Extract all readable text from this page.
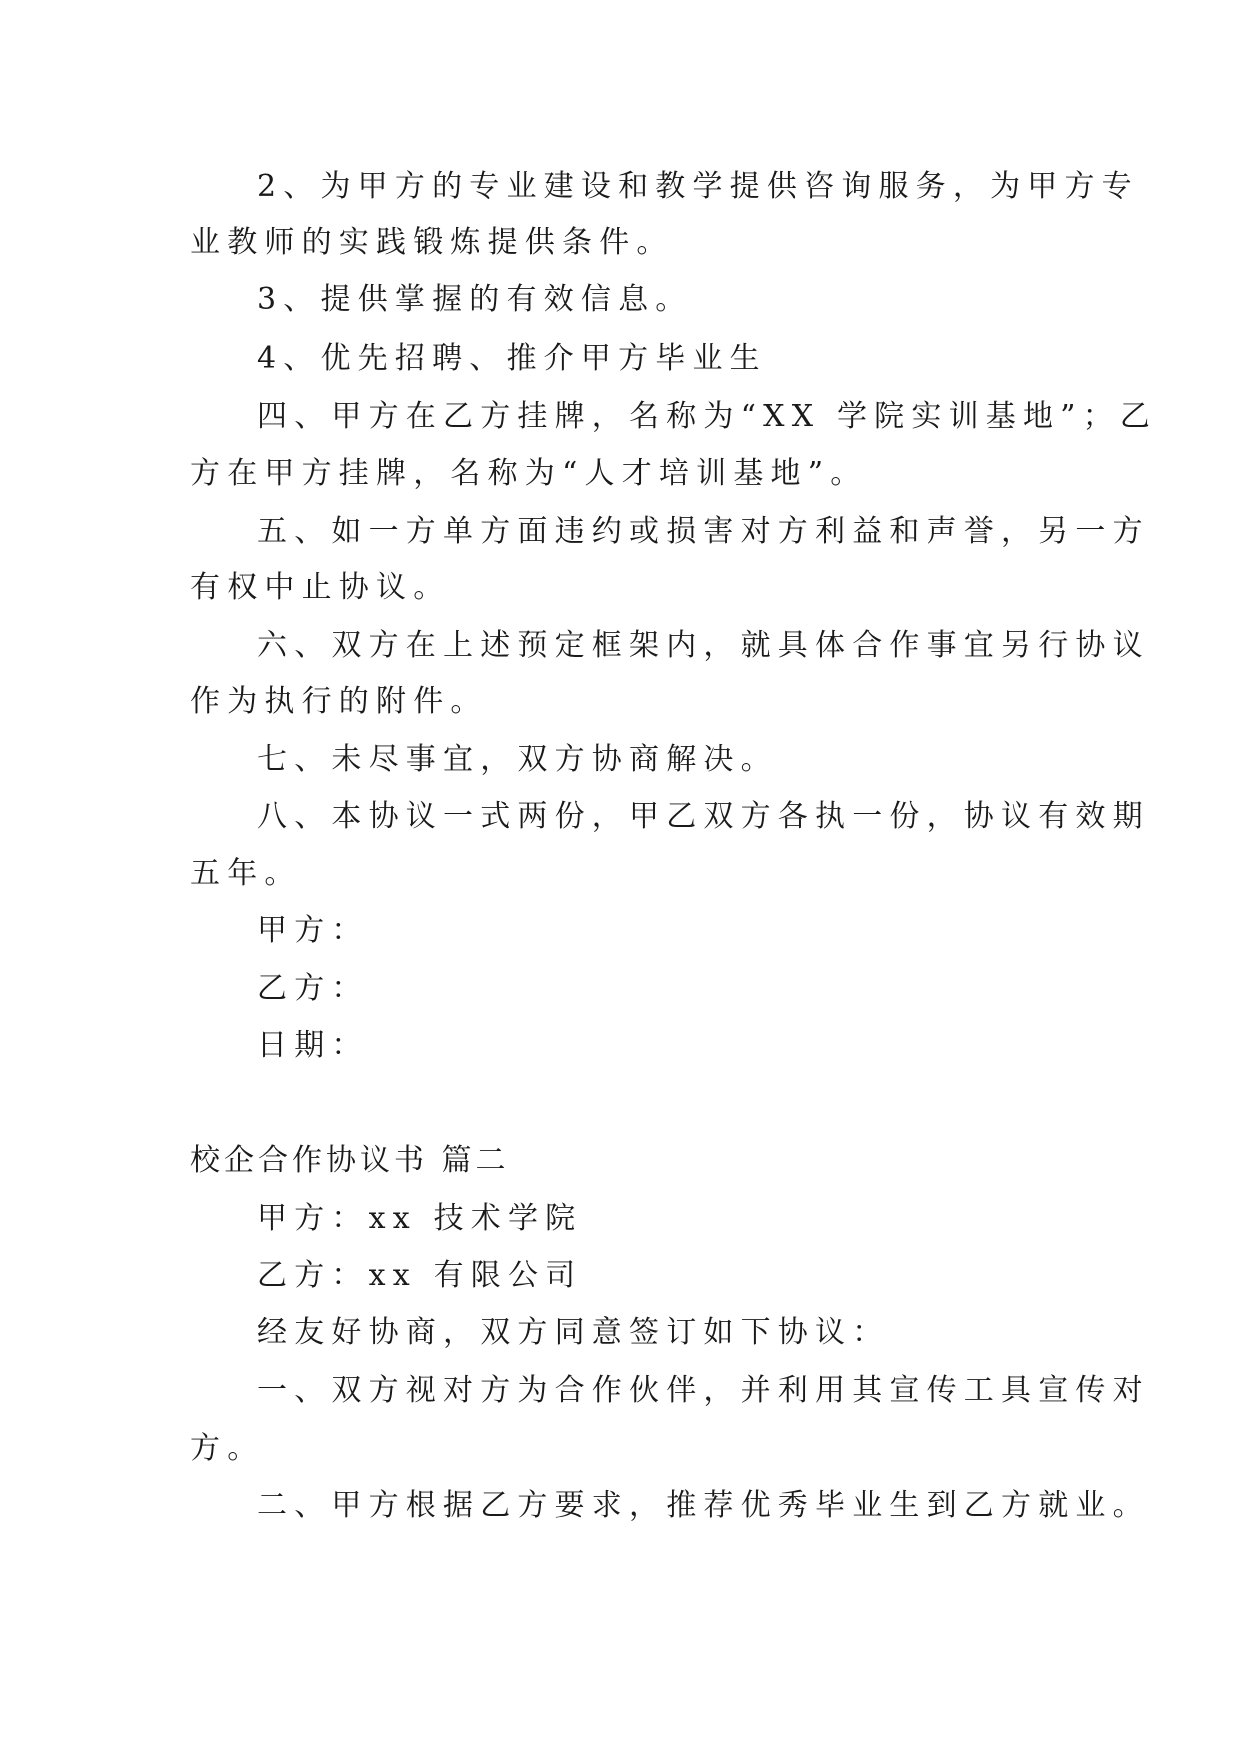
2、为甲方的专业建设和教学提供咨询服务，为甲方专
业教师的实践锻炼提供条件。
3、提供掌握的有效信息。
4、优先招聘、推介甲方毕业生
四、甲方在乙方挂牌，名称为“XX 学院实训基地”；乙
方在甲方挂牌，名称为“人才培训基地”。
五、如一方单方面违约或损害对方利益和声誉，另一方
有权中止协议。
六、双方在上述预定框架内，就具体合作事宜另行协议
作为执行的附件。
七、未尽事宜，双方协商解决。
八、本协议一式两份，甲乙双方各执一份，协议有效期
五年。
甲方：
乙方：
日期：
校企合作协议书 篇二
甲方：xx 技术学院
乙方：xx 有限公司
经友好协商，双方同意签订如下协议：
一、双方视对方为合作伙伴，并利用其宣传工具宣传对
方。
二、甲方根据乙方要求，推荐优秀毕业生到乙方就业。
